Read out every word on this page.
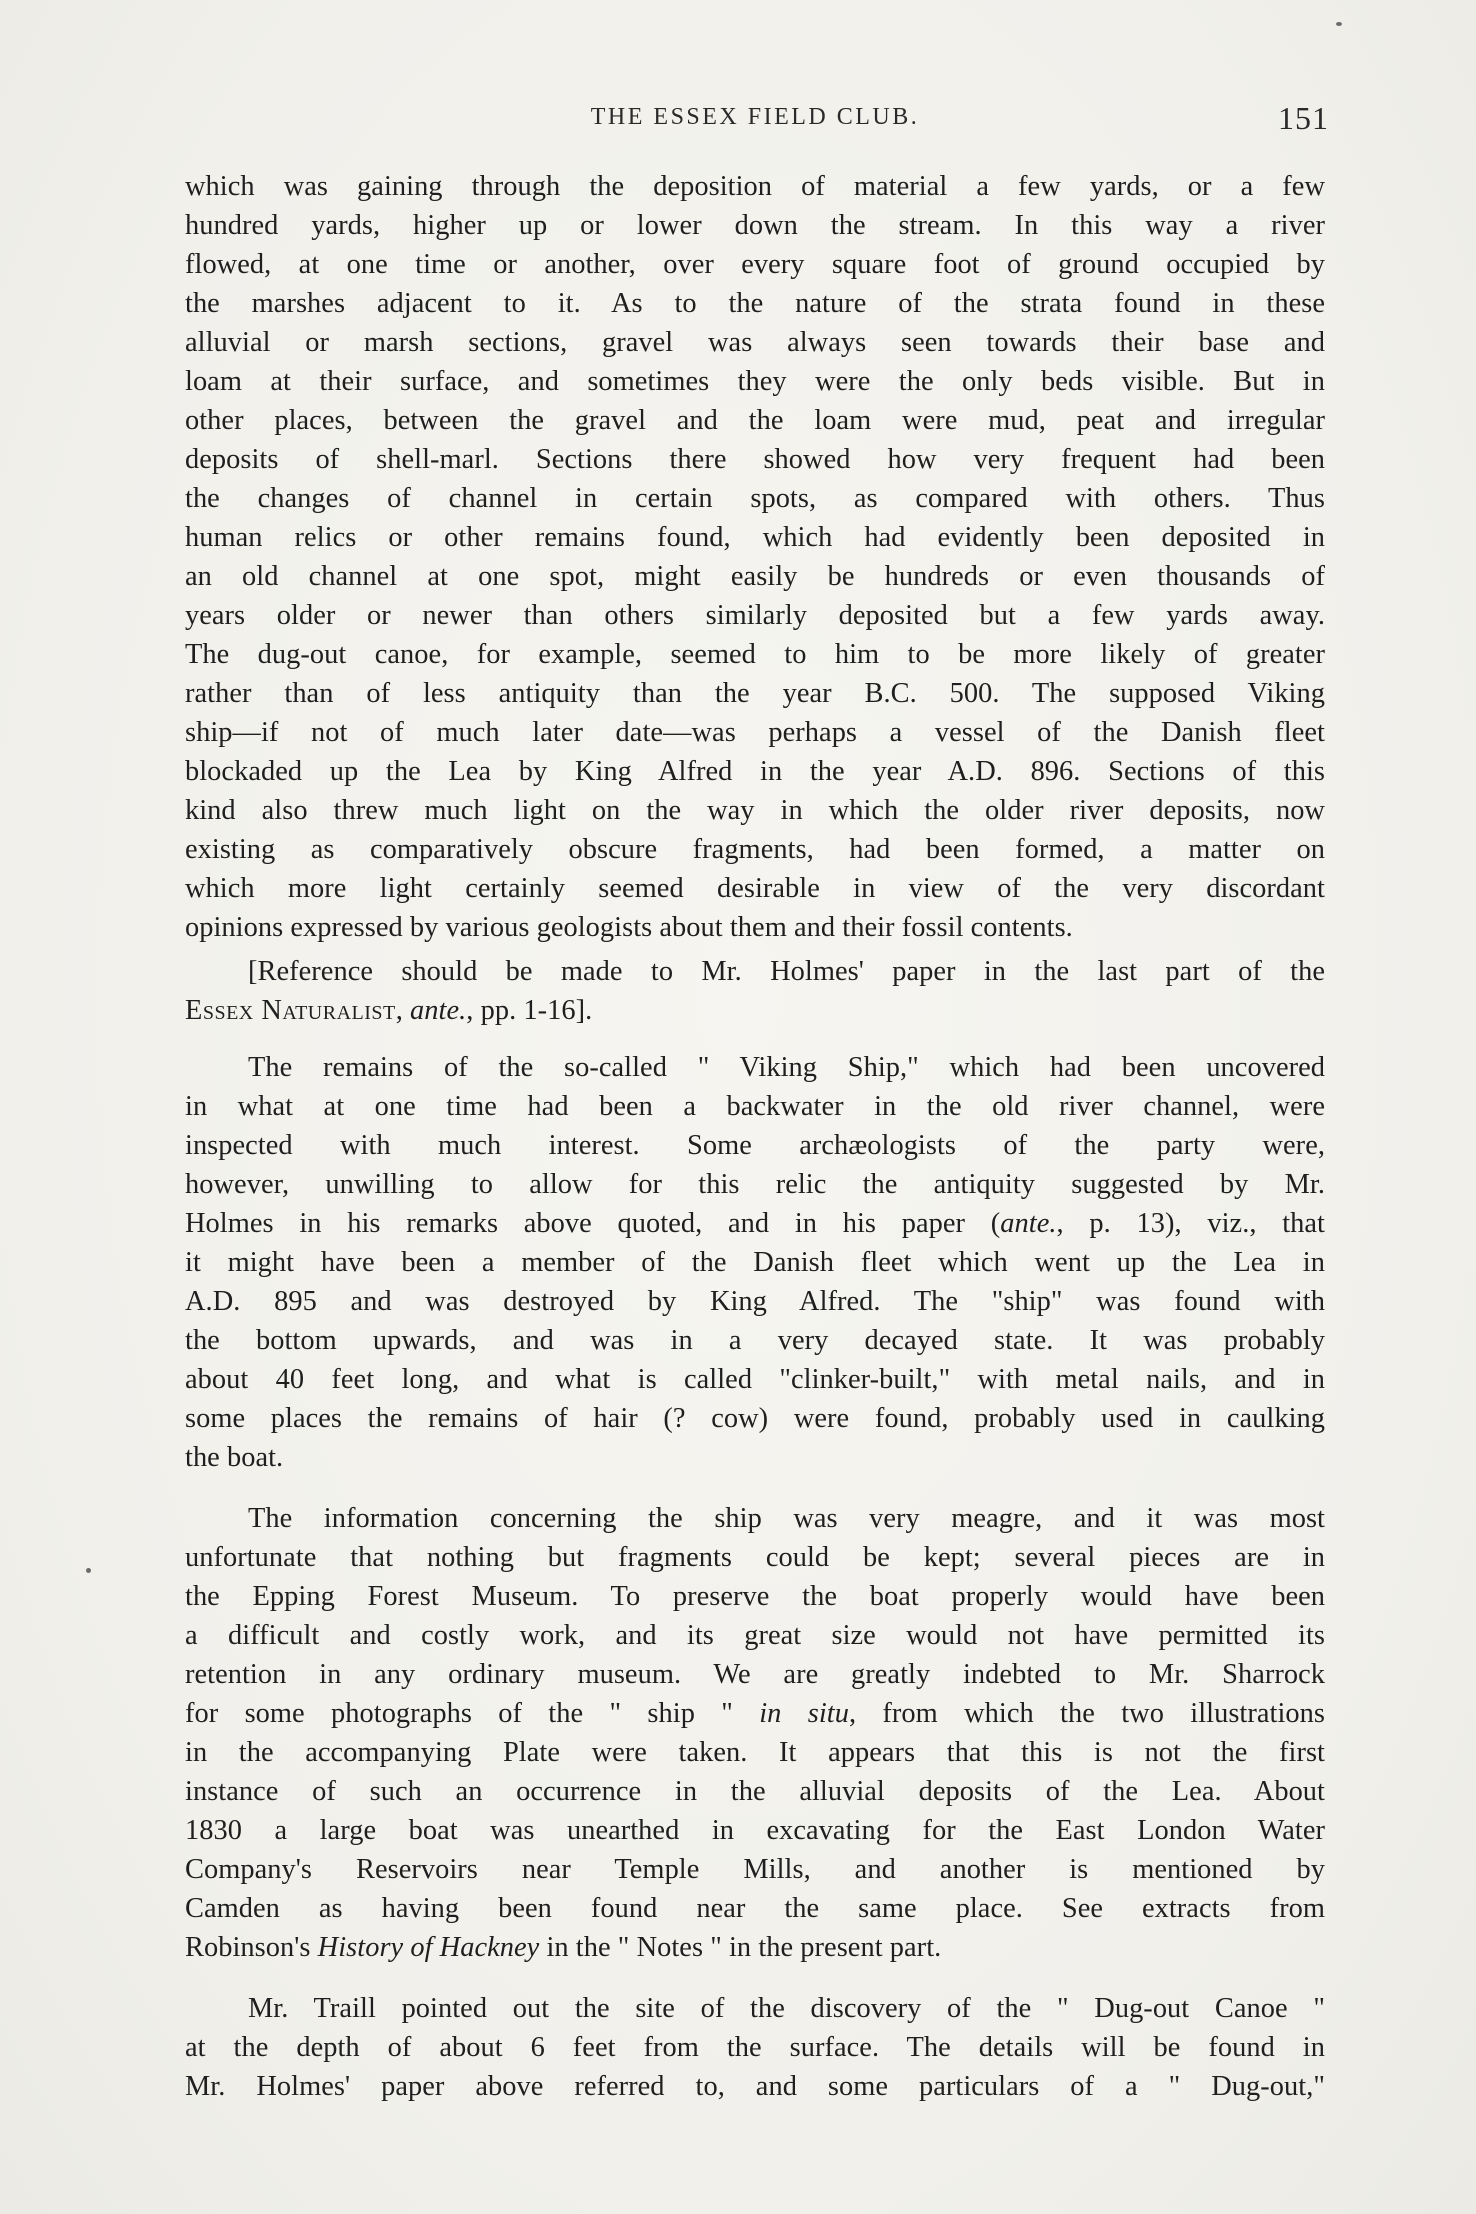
THE ESSEX FIELD CLUB.	151

which was gaining through the deposition of material a few yards, or a few

hundred yards, higher up or lower down the stream. In this way a river

flowed, at one time or another, over every square foot of ground occupied by

the marshes adjacent to it. As to the nature of the strata found in these

alluvial or marsh sections, gravel was always seen towards their base and

loam at their surface, and sometimes they were the only beds visible. But in

other places, between the gravel and the loam were mud, peat and irregular

deposits of shell-marl. Sections there showed how very frequent had been

the changes of channel in certain spots, as compared with others. Thus

human relics or other remains found, which had evidently been deposited in

an old channel at one spot, might easily be hundreds or even thousands of

years older or newer than others similarly deposited but a few yards away.

The dug-out canoe, for example, seemed to him to be more likely of greater

rather than of less antiquity than the year B.C. 500. The supposed Viking

ship—if not of much later date—was perhaps a vessel of the Danish fleet

blockaded up the Lea by King Alfred in the year A.D. 896. Sections of this

kind also threw much light on the way in which the older river deposits, now

existing as comparatively obscure fragments, had been formed, a matter on

which more light certainly seemed desirable in view of the very discordant

opinions expressed by various geologists about them and their fossil contents.

[Reference should be made to Mr. Holmes' paper in the last part of the

Essex Naturalist, ante., pp. 1-16].

The remains of the so-called " Viking Ship," which had been uncovered

in what at one time had been a backwater in the old river channel, were

inspected with much interest. Some archæologists of the party were,

however, unwilling to allow for this relic the antiquity suggested by Mr.

Holmes in his remarks above quoted, and in his paper (ante., p. 13), viz., that

it might have been a member of the Danish fleet which went up the Lea in

A.D. 895 and was destroyed by King Alfred. The "ship" was found with

the bottom upwards, and was in a very decayed state. It was probably

about 40 feet long, and what is called "clinker-built," with metal nails, and in

some places the remains of hair (? cow) were found, probably used in caulking

the boat.

The information concerning the ship was very meagre, and it was most

unfortunate that nothing but fragments could be kept; several pieces are in

the Epping Forest Museum. To preserve the boat properly would have been

a difficult and costly work, and its great size would not have permitted its

retention in any ordinary museum. We are greatly indebted to Mr. Sharrock

for some photographs of the " ship " in situ, from which the two illustrations

in the accompanying Plate were taken. It appears that this is not the first

instance of such an occurrence in the alluvial deposits of the Lea. About

1830 a large boat was unearthed in excavating for the East London Water

Company's Reservoirs near Temple Mills, and another is mentioned by

Camden as having been found near the same place. See extracts from

Robinson's History of Hackney in the " Notes " in the present part.

Mr. Traill pointed out the site of the discovery of the " Dug-out Canoe "

at the depth of about 6 feet from the surface. The details will be found in

Mr. Holmes' paper above referred to, and some particulars of a " Dug-out,"
